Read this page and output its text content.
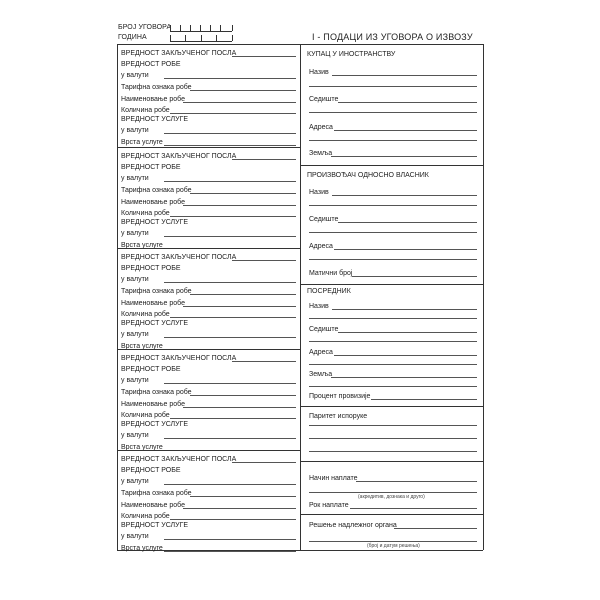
БРОЈ УГОВОРА
ГОДИНА	I - ПОДАЦИ ИЗ УГОВОРА О ИЗВОЗУ
ВРЕДНОСТ ЗАКЉУЧЕНОГ ПОСЛА
ВРЕДНОСТ РОБЕ
у валути
Тарифна ознака робе
Наименовање робе
Количина робе
ВРЕДНОСТ УСЛУГЕ
у валути
Врста услуге
ВРЕДНОСТ ЗАКЉУЧЕНОГ ПОСЛА
ВРЕДНОСТ РОБЕ
у валути
Тарифна ознака робе
Наименовање робе
Количина робе
ВРЕДНОСТ УСЛУГЕ
у валути
Врста услуге
ВРЕДНОСТ ЗАКЉУЧЕНОГ ПОСЛА
ВРЕДНОСТ РОБЕ
у валути
Тарифна ознака робе
Наименовање робе
Количина робе
ВРЕДНОСТ УСЛУГЕ
у валути
Врста услуге
ВРЕДНОСТ ЗАКЉУЧЕНОГ ПОСЛА
ВРЕДНОСТ РОБЕ
у валути
Тарифна ознака робе
Наименовање робе
Количина робе
ВРЕДНОСТ УСЛУГЕ
у валути
Врста услуге
ВРЕДНОСТ ЗАКЉУЧЕНОГ ПОСЛА
ВРЕДНОСТ РОБЕ
у валути
Тарифна ознака робе
Наименовање робе
Количина робе
ВРЕДНОСТ УСЛУГЕ
у валути
Врста услуге
КУПАЦ У ИНОСТРАНСТВУ
Назив
Седиште
Адреса
Земља
ПРОИЗВОЂАЧ ОДНОСНО ВЛАСНИК
Назив
Седиште
Адреса
Матични број
ПОСРЕДНИК
Назив
Седиште
Адреса
Земља
Процент провизије
Паритет испоруке
Начин наплате
(акредитив, дознака и друго)
Рок наплате
Решење надлежног органа
(број и датум решења)
